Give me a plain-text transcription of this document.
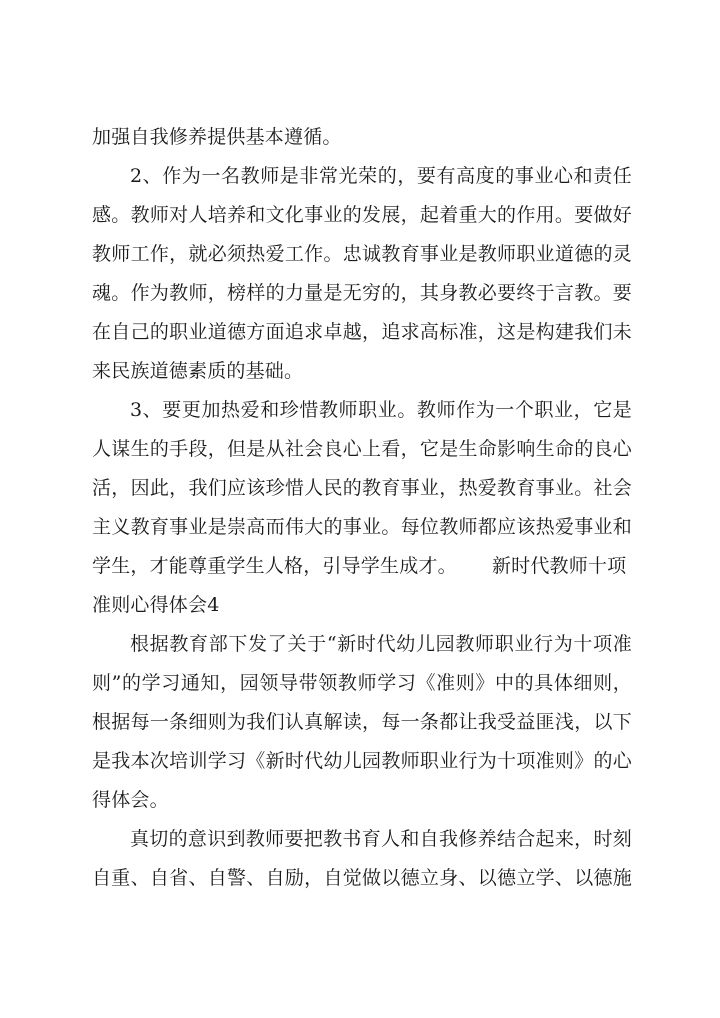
加强自我修养提供基本遵循。
2、作为一名教师是非常光荣的，要有高度的事业心和责任
感。教师对人培养和文化事业的发展，起着重大的作用。要做好
教师工作，就必须热爱工作。忠诚教育事业是教师职业道德的灵
魂。作为教师，榜样的力量是无穷的，其身教必要终于言教。要
在自己的职业道德方面追求卓越，追求高标准，这是构建我们未
来民族道德素质的基础。
3、要更加热爱和珍惜教师职业。教师作为一个职业，它是
人谋生的手段，但是从社会良心上看，它是生命影响生命的良心
活，因此，我们应该珍惜人民的教育事业，热爱教育事业。社会
主义教育事业是崇高而伟大的事业。每位教师都应该热爱事业和
学生，才能尊重学生人格，引导学生成才。　　 新时代教师十项
准则心得体会4
根据教育部下发了关于“新时代幼儿园教师职业行为十项准
则”的学习通知，园领导带领教师学习《准则》中的具体细则，
根据每一条细则为我们认真解读，每一条都让我受益匪浅，以下
是我本次培训学习《新时代幼儿园教师职业行为十项准则》的心
得体会。
真切的意识到教师要把教书育人和自我修养结合起来，时刻
自重、自省、自警、自励，自觉做以德立身、以德立学、以德施
